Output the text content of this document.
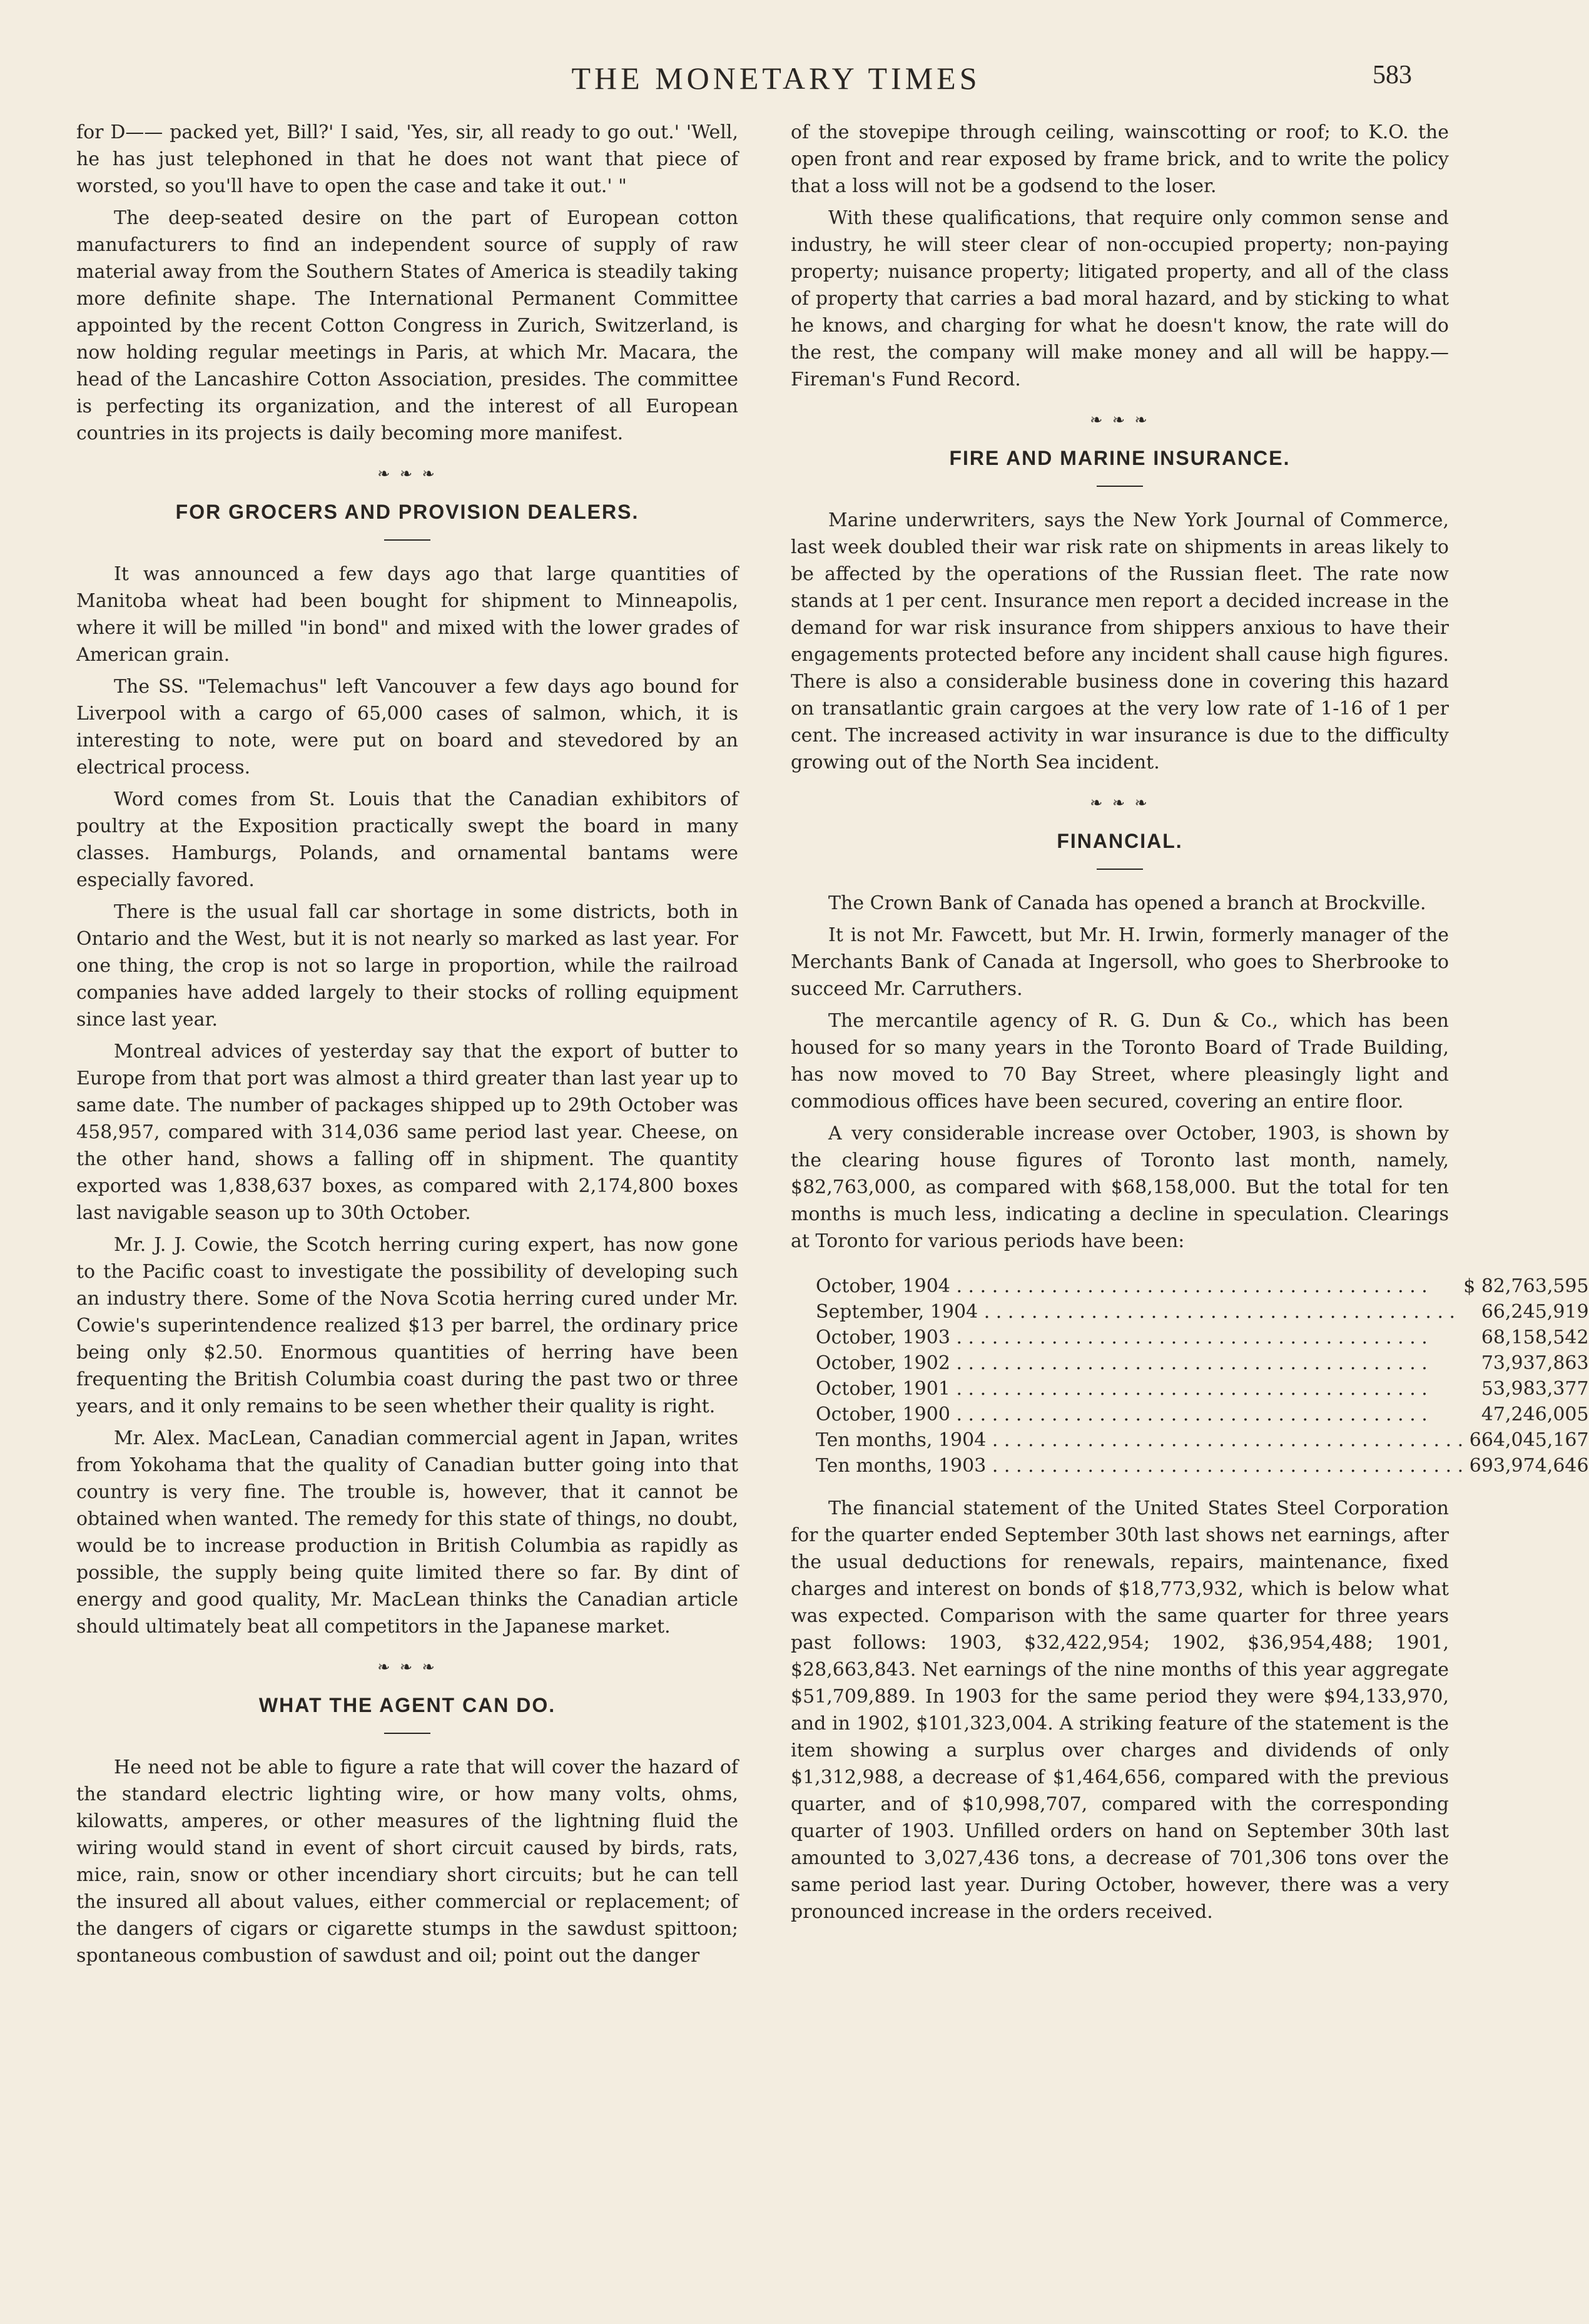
THE MONETARY TIMES	583

for D—— packed yet, Bill?' I said, 'Yes, sir, all ready to go out.' 'Well, he has just telephoned in that he does not want that piece of worsted, so you'll have to open the case and take it out.' "

The deep-seated desire on the part of European cotton manufacturers to find an independent source of supply of raw material away from the Southern States of America is steadily taking more definite shape. The International Permanent Committee appointed by the recent Cotton Congress in Zurich, Switzerland, is now holding regular meetings in Paris, at which Mr. Macara, the head of the Lancashire Cotton Association, presides. The committee is perfecting its organization, and the interest of all European countries in its projects is daily becoming more manifest.

❧ ❧ ❧
FOR GROCERS AND PROVISION DEALERS.

It was announced a few days ago that large quantities of Manitoba wheat had been bought for shipment to Minneapolis, where it will be milled "in bond" and mixed with the lower grades of American grain.

The SS. "Telemachus" left Vancouver a few days ago bound for Liverpool with a cargo of 65,000 cases of salmon, which, it is interesting to note, were put on board and stevedored by an electrical process.

Word comes from St. Louis that the Canadian exhibitors of poultry at the Exposition practically swept the board in many classes. Hamburgs, Polands, and ornamental bantams were especially favored.

There is the usual fall car shortage in some districts, both in Ontario and the West, but it is not nearly so marked as last year. For one thing, the crop is not so large in proportion, while the railroad companies have added largely to their stocks of rolling equipment since last year.

Montreal advices of yesterday say that the export of butter to Europe from that port was almost a third greater than last year up to same date. The number of packages shipped up to 29th October was 458,957, compared with 314,036 same period last year. Cheese, on the other hand, shows a falling off in shipment. The quantity exported was 1,838,637 boxes, as compared with 2,174,800 boxes last navigable season up to 30th October.

Mr. J. J. Cowie, the Scotch herring curing expert, has now gone to the Pacific coast to investigate the possibility of developing such an industry there. Some of the Nova Scotia herring cured under Mr. Cowie's superintendence realized $13 per barrel, the ordinary price being only $2.50. Enormous quantities of herring have been frequenting the British Columbia coast during the past two or three years, and it only remains to be seen whether their quality is right.

Mr. Alex. MacLean, Canadian commercial agent in Japan, writes from Yokohama that the quality of Canadian butter going into that country is very fine. The trouble is, however, that it cannot be obtained when wanted. The remedy for this state of things, no doubt, would be to increase production in British Columbia as rapidly as possible, the supply being quite limited there so far. By dint of energy and good quality, Mr. MacLean thinks the Canadian article should ultimately beat all competitors in the Japanese market.

❧ ❧ ❧
WHAT THE AGENT CAN DO.

He need not be able to figure a rate that will cover the hazard of the standard electric lighting wire, or how many volts, ohms, kilowatts, amperes, or other measures of the lightning fluid the wiring would stand in event of short circuit caused by birds, rats, mice, rain, snow or other incendiary short circuits; but he can tell the insured all about values, either commercial or replacement; of the dangers of cigars or cigarette stumps in the sawdust spittoon; spontaneous combustion of sawdust and oil; point out the danger

of the stovepipe through ceiling, wainscotting or roof; to K.O. the open front and rear exposed by frame brick, and to write the policy that a loss will not be a godsend to the loser.

With these qualifications, that require only common sense and industry, he will steer clear of non-occupied property; non-paying property; nuisance property; litigated property, and all of the class of property that carries a bad moral hazard, and by sticking to what he knows, and charging for what he doesn't know, the rate will do the rest, the company will make money and all will be happy.—Fireman's Fund Record.

❧ ❧ ❧
FIRE AND MARINE INSURANCE.

Marine underwriters, says the New York Journal of Commerce, last week doubled their war risk rate on shipments in areas likely to be affected by the operations of the Russian fleet. The rate now stands at 1 per cent. Insurance men report a decided increase in the demand for war risk insurance from shippers anxious to have their engagements protected before any incident shall cause high figures. There is also a considerable business done in covering this hazard on transatlantic grain cargoes at the very low rate of 1-16 of 1 per cent. The increased activity in war insurance is due to the difficulty growing out of the North Sea incident.

❧ ❧ ❧
FINANCIAL.

The Crown Bank of Canada has opened a branch at Brockville.

It is not Mr. Fawcett, but Mr. H. Irwin, formerly manager of the Merchants Bank of Canada at Ingersoll, who goes to Sherbrooke to succeed Mr. Carruthers.

The mercantile agency of R. G. Dun & Co., which has been housed for so many years in the Toronto Board of Trade Building, has now moved to 70 Bay Street, where pleasingly light and commodious offices have been secured, covering an entire floor.

A very considerable increase over October, 1903, is shown by the clearing house figures of Toronto last month, namely, $82,763,000, as compared with $68,158,000. But the total for ten months is much less, indicating a decline in speculation. Clearings at Toronto for various periods have been:

October, 1904 . . . . . . . . . . . . . . . . . . . . . . . . . . . . . . . . . . . . . . . .	$ 82,763,595
September, 1904 . . . . . . . . . . . . . . . . . . . . . . . . . . . . . . . . . . . . . . . .	66,245,919
October, 1903 . . . . . . . . . . . . . . . . . . . . . . . . . . . . . . . . . . . . . . . .	68,158,542
October, 1902 . . . . . . . . . . . . . . . . . . . . . . . . . . . . . . . . . . . . . . . .	73,937,863
October, 1901 . . . . . . . . . . . . . . . . . . . . . . . . . . . . . . . . . . . . . . . .	53,983,377
October, 1900 . . . . . . . . . . . . . . . . . . . . . . . . . . . . . . . . . . . . . . . .	47,246,005
Ten months, 1904 . . . . . . . . . . . . . . . . . . . . . . . . . . . . . . . . . . . . . . . .	664,045,167
Ten months, 1903 . . . . . . . . . . . . . . . . . . . . . . . . . . . . . . . . . . . . . . . .	693,974,646

The financial statement of the United States Steel Corporation for the quarter ended September 30th last shows net earnings, after the usual deductions for renewals, repairs, maintenance, fixed charges and interest on bonds of $18,773,932, which is below what was expected. Comparison with the same quarter for three years past follows: 1903, $32,422,954; 1902, $36,954,488; 1901, $28,663,843. Net earnings of the nine months of this year aggregate $51,709,889. In 1903 for the same period they were $94,133,970, and in 1902, $101,323,004. A striking feature of the statement is the item showing a surplus over charges and dividends of only $1,312,988, a decrease of $1,464,656, compared with the previous quarter, and of $10,998,707, compared with the corresponding quarter of 1903. Unfilled orders on hand on September 30th last amounted to 3,027,436 tons, a decrease of 701,306 tons over the same period last year. During October, however, there was a very pronounced increase in the orders received.
